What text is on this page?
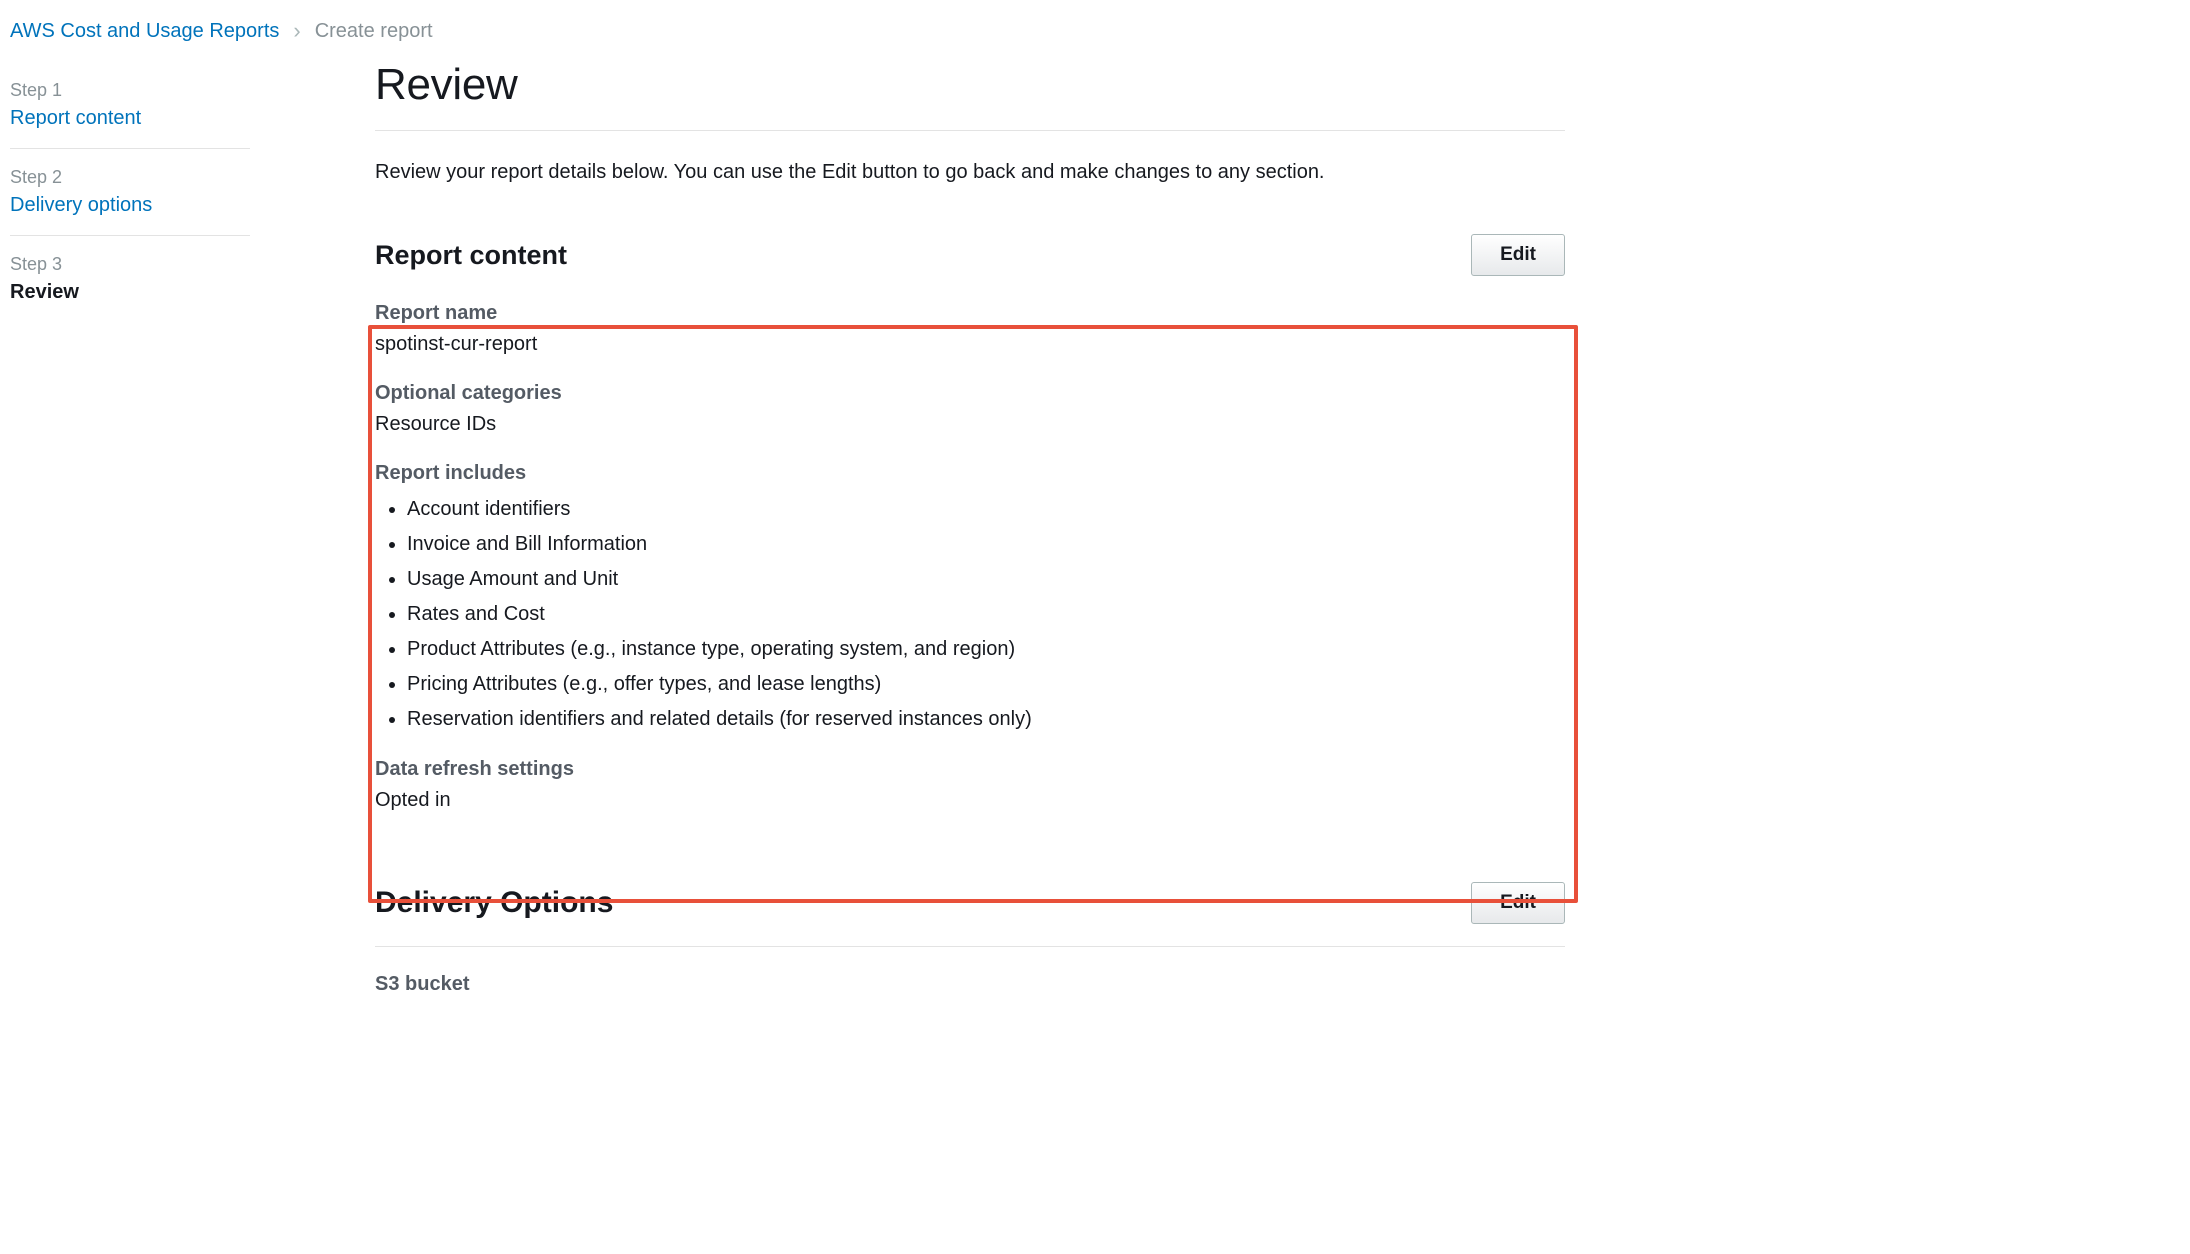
AWS Cost and Usage Reports › Create report
Step 1
Report content
Step 2
Delivery options
Step 3
Review
Review
Review your report details below. You can use the Edit button to go back and make changes to any section.
Report content	Edit
Report name
spotinst-cur-report
Optional categories
Resource IDs
Report includes
• Account identifiers
• Invoice and Bill Information
• Usage Amount and Unit
• Rates and Cost
• Product Attributes (e.g., instance type, operating system, and region)
• Pricing Attributes (e.g., offer types, and lease lengths)
• Reservation identifiers and related details (for reserved instances only)
Data refresh settings
Opted in
Delivery Options	Edit
S3 bucket
